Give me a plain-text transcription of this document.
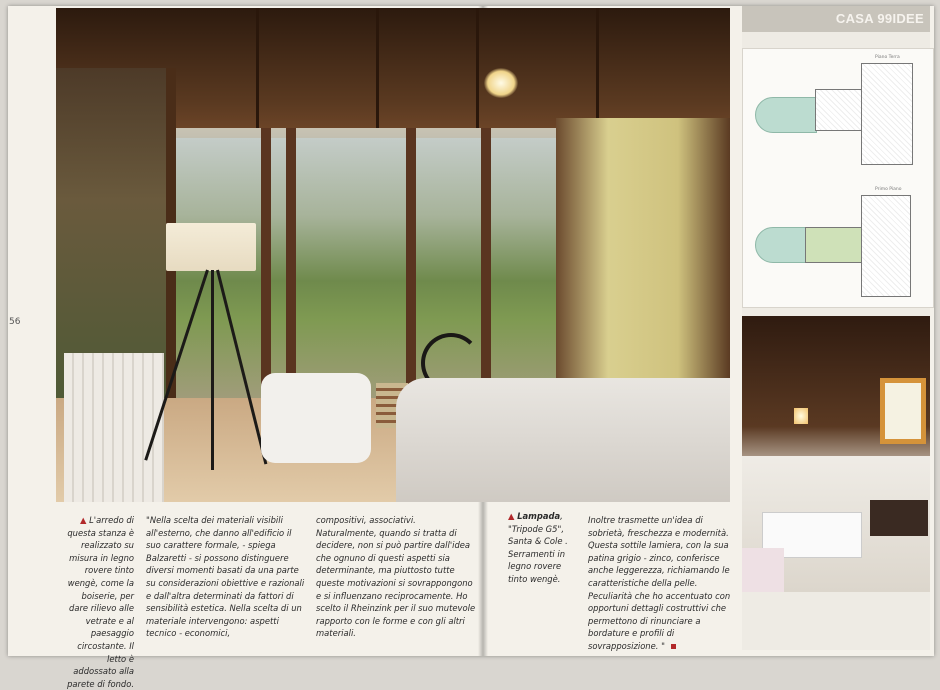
56
▲ L'arredo di questa stanza è realizzato su misura in legno rovere tinto wengè, come la boiserie, per dare rilievo alle vetrate e al paesaggio circostante. Il letto è addossato alla parete di fondo.
"Nella scelta dei materiali visibili all'esterno, che danno all'edificio il suo carattere formale, - spiega Balzaretti - si possono distinguere diversi momenti basati da una parte su considerazioni obiettive e razionali e dall'altra determinati da fattori di sensibilità estetica. Nella scelta di un materiale intervengono: aspetti tecnico - economici,
compositivi, associativi. Naturalmente, quando si tratta di decidere, non si può partire dall'idea che ognuno di questi aspetti sia determinante, ma piuttosto tutte queste motivazioni si sovrappongono e si influenzano reciprocamente. Ho scelto il Rheinzink per il suo mutevole rapporto con le forme e con gli altri materiali.
▲ Lampada, "Tripode G5", Santa & Cole . Serramenti in legno rovere tinto wengè.
Inoltre trasmette un'idea di sobrietà, freschezza e modernità. Questa sottile lamiera, con la sua patina grigio - zinco, conferisce anche leggerezza, richiamando le caratteristiche della pelle. Peculiarità che ho accentuato con opportuni dettagli costruttivi che permettono di rinunciare a bordature e profili di sovrapposizione. "
CASA 99IDEE
Piano Terra
Primo Piano
